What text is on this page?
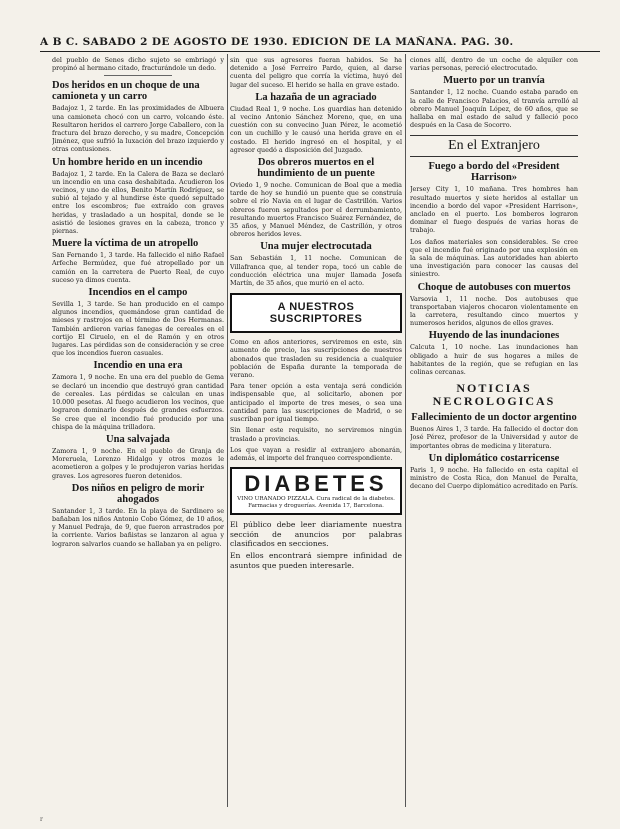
A B C. SABADO 2 DE AGOSTO DE 1930. EDICION DE LA MAÑANA. PAG. 30.

del pueblo de Senes dicho sujeto se embriagó y propinó al hermano citado, fracturándole un dedo.

Dos heridos en un choque de una camioneta y un carro

Badajoz 1, 2 tarde. En las proximidades de Albuera una camioneta chocó con un carro, volcando éste. Resultaron heridos el carrero Jorge Caballero, con la fractura del brazo derecho, y su madre, Concepción Jiménez, que sufrió la luxación del brazo izquierdo y otras contusiones.

Un hombre herido en un incendio

Badajoz 1, 2 tarde. En la Calera de Baza se declaró un incendio en una casa deshabitada. Acudieron los vecinos, y uno de ellos, Benito Martín Rodríguez, se subió al tejado y al hundirse éste quedó sepultado entre los escombros; fue extraído con graves heridas, y trasladado a un hospital, donde se le asistió de lesiones graves en la cabeza, tronco y piernas.

Muere la víctima de un atropello

San Fernando 1, 3 tarde. Ha fallecido el niño Rafael Arfeche Bermúdez, que fué atropellado por un camión en la carretera de Puerto Real, de cuyo suceso ya dimos cuenta.

Incendios en el campo

Sevilla 1, 3 tarde. Se han producido en el campo algunos incendios, quemándose gran cantidad de mieses y rastrojos en el término de Dos Hermanas. También ardieron varias fanegas de cereales en el cortijo El Ciruelo, en el de Ramón y en otros lugares. Las pérdidas son de consideración y se cree que los incendios fueron casuales.

Incendio en una era

Zamora 1, 9 noche. En una era del pueblo de Gema se declaró un incendio que destruyó gran cantidad de cereales. Las pérdidas se calculan en unas 10.000 pesetas. Al fuego acudieron los vecinos, que lograron dominarlo después de grandes esfuerzos. Se cree que el incendio fué producido por una chispa de la máquina trilladora.

Una salvajada

Zamora 1, 9 noche. En el pueblo de Granja de Moreruela, Lorenzo Hidalgo y otros mozos le acometieron a golpes y le produjeron varias heridas graves. Los agresores fueron detenidos.

Dos niños en peligro de morir ahogados

Santander 1, 3 tarde. En la playa de Sardinero se bañaban los niños Antonio Cobo Gómez, de 10 años, y Manuel Pedraja, de 9, que fueron arrastrados por la corriente. Varios bañistas se lanzaron al agua y lograron salvarlos cuando se hallaban ya en peligro.

sin que sus agresores fueran habidos. Se ha detenido a José Ferreiro Pardo, quien, al darse cuenta del peligro que corría la víctima, huyó del lugar del suceso. El herido se halla en grave estado.

La hazaña de un agraciado

Ciudad Real 1, 9 noche. Los guardias han detenido al vecino Antonio Sánchez Moreno, que, en una cuestión con su convecino Juan Pérez, le acometió con un cuchillo y le causó una herida grave en el costado. El herido ingresó en el hospital, y el agresor quedó a disposición del Juzgado.

Dos obreros muertos en el hundimiento de un puente

Oviedo 1, 9 noche. Comunican de Boal que a media tarde de hoy se hundió un puente que se construía sobre el río Navia en el lugar de Castrillón. Varios obreros fueron sepultados por el derrumbamiento, resultando muertos Francisco Suárez Fernández, de 35 años, y Manuel Méndez, de Castrillón, y otros obreros heridos leves.

Una mujer electrocutada

San Sebastián 1, 11 noche. Comunican de Villafranca que, al tender ropa, tocó un cable de conducción eléctrica una mujer llamada Josefa Martín, de 35 años, que murió en el acto.

A NUESTROS SUSCRIPTORES

Como en años anteriores, serviremos en este, sin aumento de precio, las suscripciones de nuestros abonados que trasladen su residencia a cualquier población de España durante la temporada de verano.

Para tener opción a esta ventaja será condición indispensable que, al solicitarlo, abonen por anticipado el importe de tres meses, o sea una cantidad para las suscripciones de Madrid, o se suscriban por igual tiempo.

Sin llenar este requisito, no serviremos ningún traslado a provincias.

Los que vayan a residir al extranjero abonarán, además, el importe del franqueo correspondiente.

DIABETES
VINO URANADO PIZZALA. Cura radical de la diabetes. Farmacias y droguerías. Avenida 17, Barcelona.

El público debe leer diariamente nuestra sección de anuncios por palabras clasificados en secciones.

En ellos encontrará siempre infinidad de asuntos que pueden interesarle.

ciones allí, dentro de un coche de alquiler con varias personas, pereció electrocutado.

Muerto por un tranvía

Santander 1, 12 noche. Cuando estaba parado en la calle de Francisco Palacios, el tranvía arrolló al obrero Manuel Joaquín López, de 60 años, que se hallaba en mal estado de salud y falleció poco después en la Casa de Socorro.

En el Extranjero
Fuego a bordo del «President Harrison»

Jersey City 1, 10 mañana. Tres hombres han resultado muertos y siete heridos al estallar un incendio a bordo del vapor «President Harrison», anclado en el puerto. Los bomberos lograron dominar el fuego después de varias horas de trabajo.

Los daños materiales son considerables. Se cree que el incendio fué originado por una explosión en la sala de máquinas. Las autoridades han abierto una investigación para conocer las causas del siniestro.

Choque de autobuses con muertos

Varsovia 1, 11 noche. Dos autobuses que transportaban viajeros chocaron violentamente en la carretera, resultando cinco muertos y numerosos heridos, algunos de ellos graves.

Huyendo de las inundaciones

Calcuta 1, 10 noche. Las inundaciones han obligado a huir de sus hogares a miles de habitantes de la región, que se refugian en las colinas cercanas.

NOTICIAS NECROLOGICAS
Fallecimiento de un doctor argentino

Buenos Aires 1, 3 tarde. Ha fallecido el doctor don José Pérez, profesor de la Universidad y autor de importantes obras de medicina y literatura.

Un diplomático costarricense

Paris 1, 9 noche. Ha fallecido en esta capital el ministro de Costa Rica, don Manuel de Peralta, decano del Cuerpo diplomático acreditado en París.

r
